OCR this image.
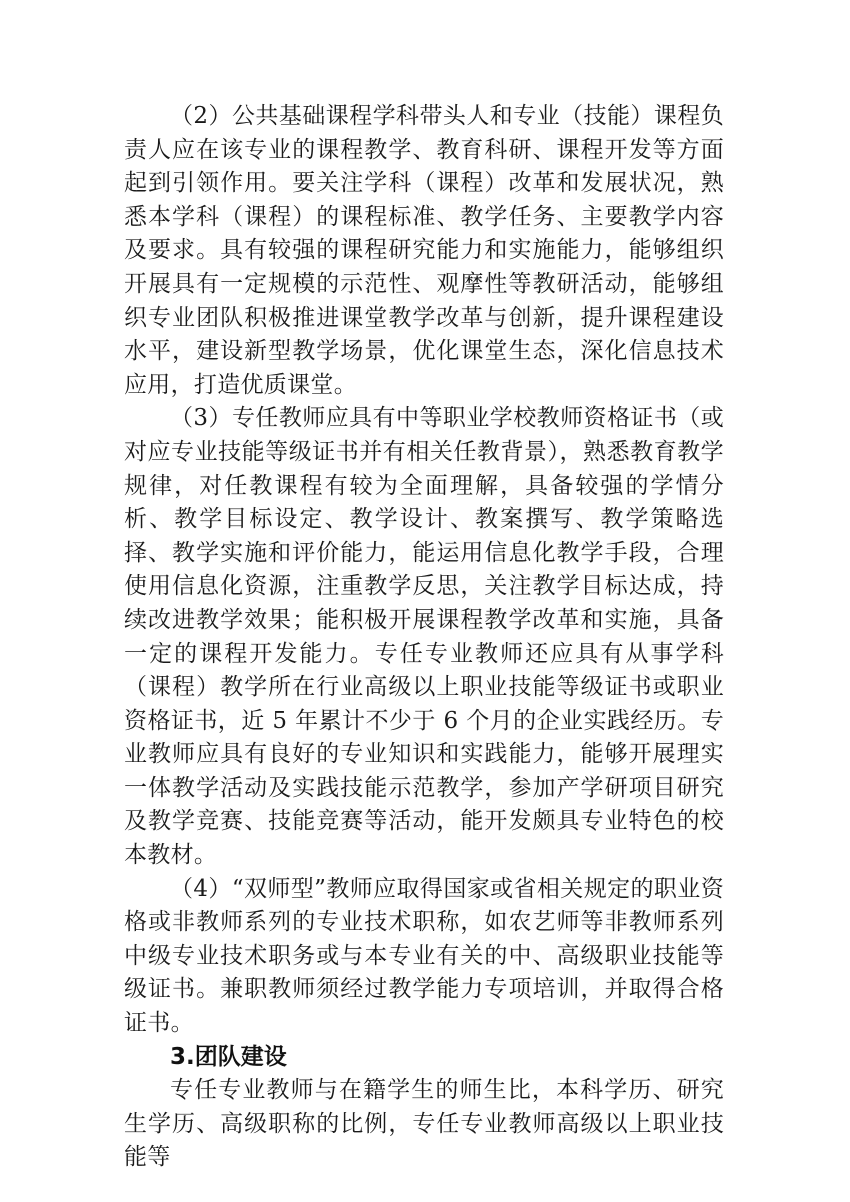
（2）公共基础课程学科带头人和专业（技能）课程负责人应在该专业的课程教学、教育科研、课程开发等方面起到引领作用。要关注学科（课程）改革和发展状况，熟悉本学科（课程）的课程标准、教学任务、主要教学内容及要求。具有较强的课程研究能力和实施能力，能够组织开展具有一定规模的示范性、观摩性等教研活动，能够组织专业团队积极推进课堂教学改革与创新，提升课程建设水平，建设新型教学场景，优化课堂生态，深化信息技术应用，打造优质课堂。

（3）专任教师应具有中等职业学校教师资格证书（或对应专业技能等级证书并有相关任教背景），熟悉教育教学规律，对任教课程有较为全面理解，具备较强的学情分析、教学目标设定、教学设计、教案撰写、教学策略选择、教学实施和评价能力，能运用信息化教学手段，合理使用信息化资源，注重教学反思，关注教学目标达成，持续改进教学效果；能积极开展课程教学改革和实施，具备一定的课程开发能力。专任专业教师还应具有从事学科（课程）教学所在行业高级以上职业技能等级证书或职业资格证书，近 5 年累计不少于 6 个月的企业实践经历。专业教师应具有良好的专业知识和实践能力，能够开展理实一体教学活动及实践技能示范教学，参加产学研项目研究及教学竞赛、技能竞赛等活动，能开发颇具专业特色的校本教材。

（4）“双师型”教师应取得国家或省相关规定的职业资格或非教师系列的专业技术职称，如农艺师等非教师系列中级专业技术职务或与本专业有关的中、高级职业技能等级证书。兼职教师须经过教学能力专项培训，并取得合格证书。

3.团队建设

专任专业教师与在籍学生的师生比，本科学历、研究生学历、高级职称的比例，专任专业教师高级以上职业技能等
